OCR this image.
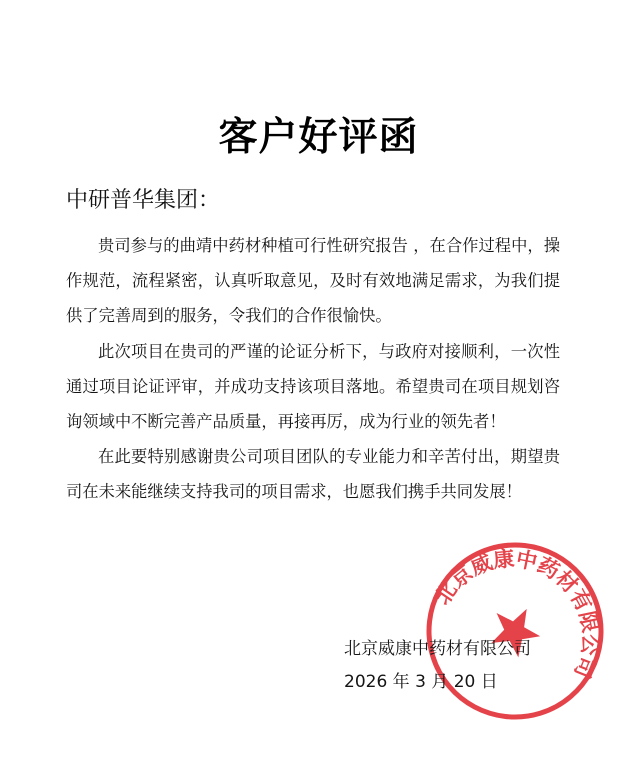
客户好评函
中研普华集团：

贵司参与的曲靖中药材种植可行性研究报告 ，在合作过程中，操作规范，流程紧密，认真听取意见，及时有效地满足需求，为我们提供了完善周到的服务，令我们的合作很愉快。

此次项目在贵司的严谨的论证分析下，与政府对接顺利，一次性通过项目论证评审，并成功支持该项目落地。希望贵司在项目规划咨询领域中不断完善产品质量，再接再厉，成为行业的领先者！

在此要特别感谢贵公司项目团队的专业能力和辛苦付出，期望贵司在未来能继续支持我司的项目需求，也愿我们携手共同发展！

北京威康中药材有限公司
北京威康中药材有限公司
2026 年 3 月 20 日
